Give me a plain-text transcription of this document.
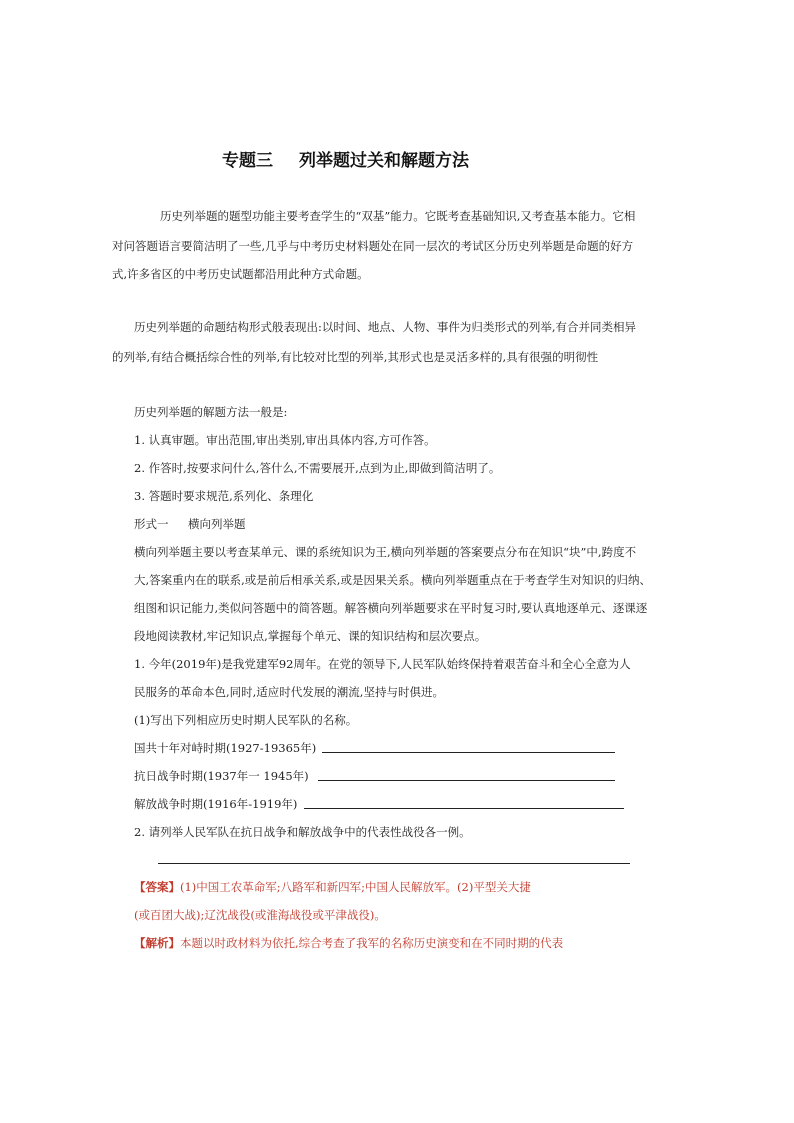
专题三 列举题过关和解题方法
历史列举题的题型功能主要考查学生的“双基”能力。它既考查基础知识,又考查基本能力。它相
对问答题语言要简洁明了一些,几乎与中考历史材料题处在同一层次的考试区分历史列举题是命题的好方
式,许多省区的中考历史试题都沿用此种方式命题。
历史列举题的命题结构形式般表现出:以时间、地点、人物、事件为归类形式的列举,有合并同类相异
的列举,有结合概括综合性的列举,有比较对比型的列举,其形式也是灵活多样的,具有很强的明彻性
历史列举题的解题方法一般是:
1. 认真审题。审出范围,审出类别,审出具体内容,方可作答。
2. 作答时,按要求问什么,答什么,不需要展开,点到为止,即做到简洁明了。
3. 答题时要求规范,系列化、条理化
形式一 横向列举题
横向列举题主要以考查某单元、课的系统知识为王,横向列举题的答案要点分布在知识“块”中,跨度不
大,答案重内在的联系,或是前后相承关系,或是因果关系。横向列举题重点在于考查学生对知识的归纳、
组图和识记能力,类似问答题中的简答题。解答横向列举题要求在平时复习时,要认真地逐单元、逐课逐
段地阅读教材,牢记知识点,掌握每个单元、课的知识结构和层次要点。
1. 今年(2019年)是我党建军92周年。在党的领导下,人民军队始终保持着艰苦奋斗和全心全意为人
民服务的革命本色,同时,适应时代发展的潮流,坚持与时俱进。
(1)写出下列相应历史时期人民军队的名称。
国共十年对峙时期(1927-19365年)
抗日战争时期(1937年一 1945年)
解放战争时期(1916年-1919年)
2. 请列举人民军队在抗日战争和解放战争中的代表性战役各一例。
【答案】(1)中国工农革命军;八路军和新四军;中国人民解放军。(2)平型关大捷
(或百团大战);辽沈战役(或淮海战役或平津战役)。
【解析】本题以时政材料为依托,综合考查了我军的名称历史演变和在不同时期的代表
